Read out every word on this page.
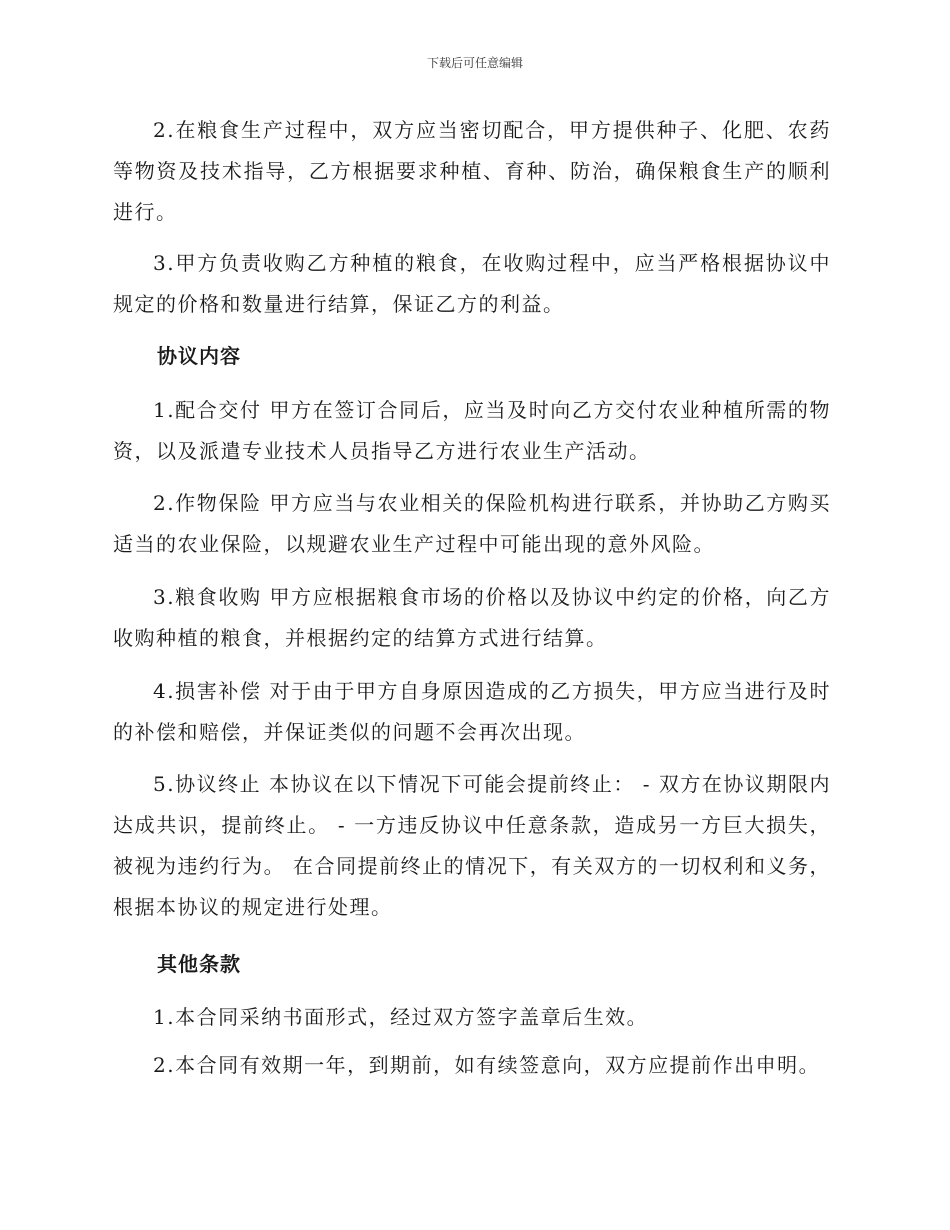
下载后可任意编辑

2.在粮食生产过程中，双方应当密切配合，甲方提供种子、化肥、农药等物资及技术指导，乙方根据要求种植、育种、防治，确保粮食生产的顺利进行。

3.甲方负责收购乙方种植的粮食，在收购过程中，应当严格根据协议中规定的价格和数量进行结算，保证乙方的利益。

协议内容

1.配合交付 甲方在签订合同后，应当及时向乙方交付农业种植所需的物资，以及派遣专业技术人员指导乙方进行农业生产活动。

2.作物保险 甲方应当与农业相关的保险机构进行联系，并协助乙方购买适当的农业保险，以规避农业生产过程中可能出现的意外风险。

3.粮食收购 甲方应根据粮食市场的价格以及协议中约定的价格，向乙方收购种植的粮食，并根据约定的结算方式进行结算。

4.损害补偿 对于由于甲方自身原因造成的乙方损失，甲方应当进行及时的补偿和赔偿，并保证类似的问题不会再次出现。

5.协议终止 本协议在以下情况下可能会提前终止： - 双方在协议期限内达成共识，提前终止。 - 一方违反协议中任意条款，造成另一方巨大损失，被视为违约行为。 在合同提前终止的情况下，有关双方的一切权利和义务，根据本协议的规定进行处理。

其他条款

1.本合同采纳书面形式，经过双方签字盖章后生效。

2.本合同有效期一年，到期前，如有续签意向，双方应提前作出申明。
